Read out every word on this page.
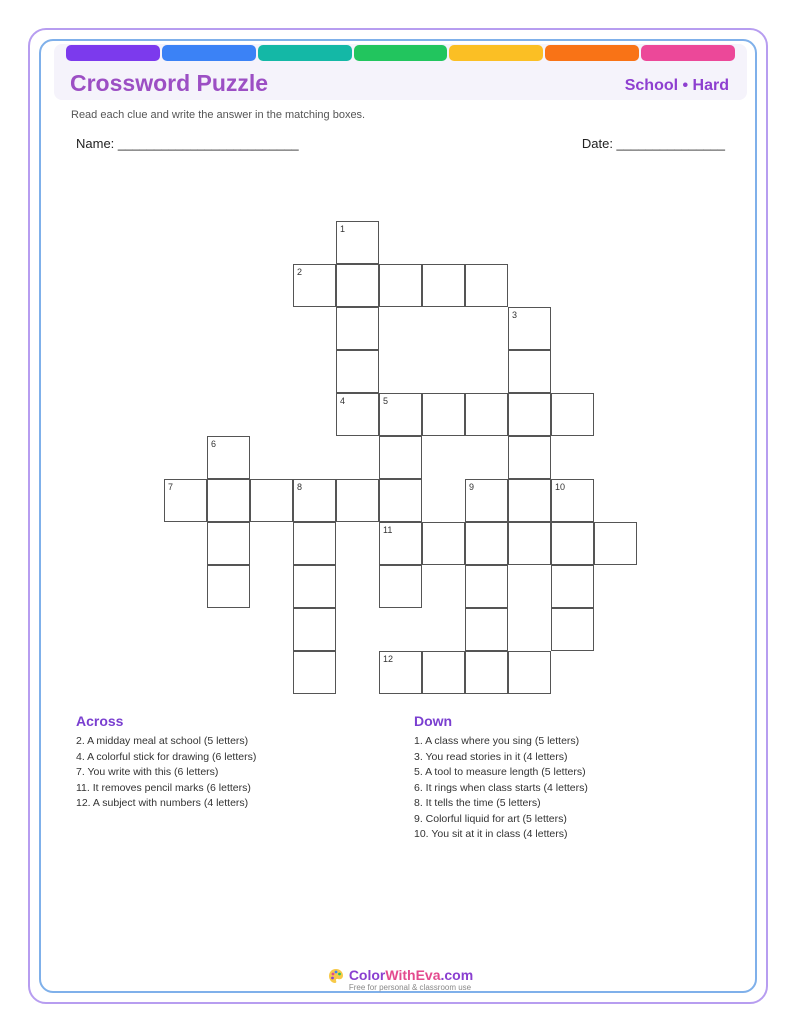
Crossword Puzzle	School • Hard
Read each clue and write the answer in the matching boxes.
Name: _________________________	Date: _______________
1
2
3
4	5
6
7	8	9	10
11
12
Across
2. A midday meal at school (5 letters)
4. A colorful stick for drawing (6 letters)
7. You write with this (6 letters)
11. It removes pencil marks (6 letters)
12. A subject with numbers (4 letters)
Down
1. A class where you sing (5 letters)
3. You read stories in it (4 letters)
5. A tool to measure length (5 letters)
6. It rings when class starts (4 letters)
8. It tells the time (5 letters)
9. Colorful liquid for art (5 letters)
10. You sit at it in class (4 letters)
ColorWithEva.com
Free for personal & classroom use
